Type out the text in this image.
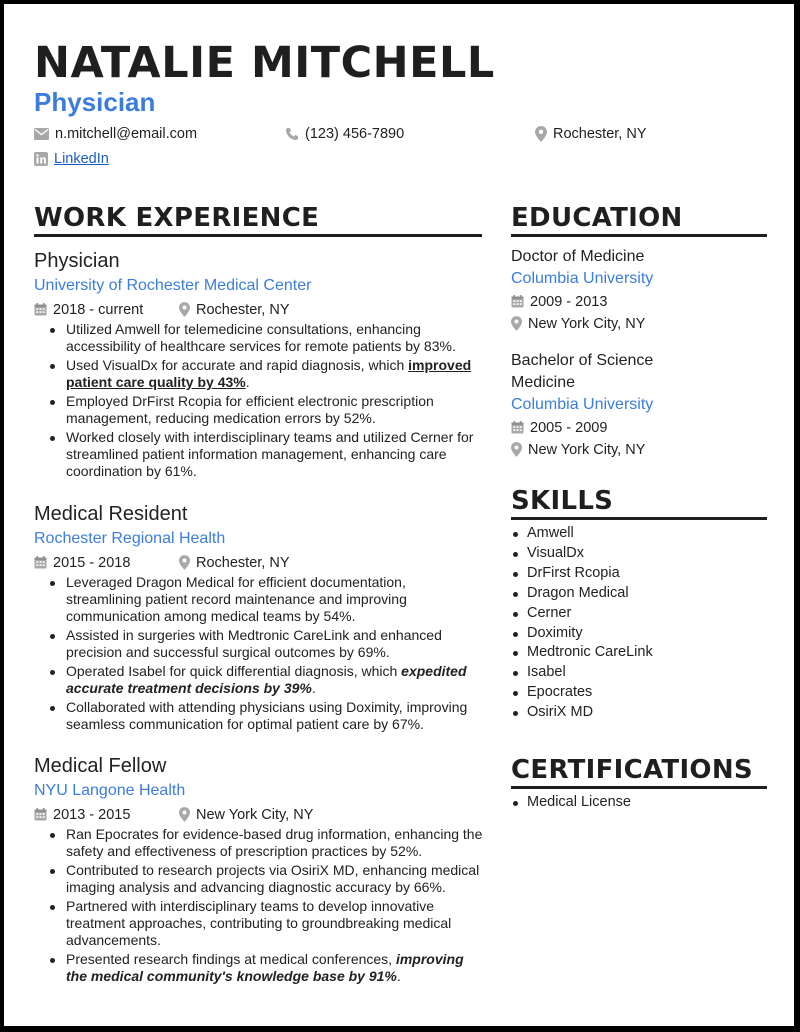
NATALIE MITCHELL
Physician
n.mitchell@email.com	(123) 456-7890	Rochester, NY
LinkedIn
WORK EXPERIENCE
Physician
University of Rochester Medical Center
2018 - current	Rochester, NY
Utilized Amwell for telemedicine consultations, enhancing accessibility of healthcare services for remote patients by 83%.
Used VisualDx for accurate and rapid diagnosis, which improved patient care quality by 43%.
Employed DrFirst Rcopia for efficient electronic prescription management, reducing medication errors by 52%.
Worked closely with interdisciplinary teams and utilized Cerner for streamlined patient information management, enhancing care coordination by 61%.
Medical Resident
Rochester Regional Health
2015 - 2018	Rochester, NY
Leveraged Dragon Medical for efficient documentation, streamlining patient record maintenance and improving communication among medical teams by 54%.
Assisted in surgeries with Medtronic CareLink and enhanced precision and successful surgical outcomes by 69%.
Operated Isabel for quick differential diagnosis, which expedited accurate treatment decisions by 39%.
Collaborated with attending physicians using Doximity, improving seamless communication for optimal patient care by 67%.
Medical Fellow
NYU Langone Health
2013 - 2015	New York City, NY
Ran Epocrates for evidence-based drug information, enhancing the safety and effectiveness of prescription practices by 52%.
Contributed to research projects via OsiriX MD, enhancing medical imaging analysis and advancing diagnostic accuracy by 66%.
Partnered with interdisciplinary teams to develop innovative treatment approaches, contributing to groundbreaking medical advancements.
Presented research findings at medical conferences, improving the medical community's knowledge base by 91%.
EDUCATION
Doctor of Medicine
Columbia University
2009 - 2013
New York City, NY
Bachelor of Science
Medicine
Columbia University
2005 - 2009
New York City, NY
SKILLS
Amwell
VisualDx
DrFirst Rcopia
Dragon Medical
Cerner
Doximity
Medtronic CareLink
Isabel
Epocrates
OsiriX MD
CERTIFICATIONS
Medical License
